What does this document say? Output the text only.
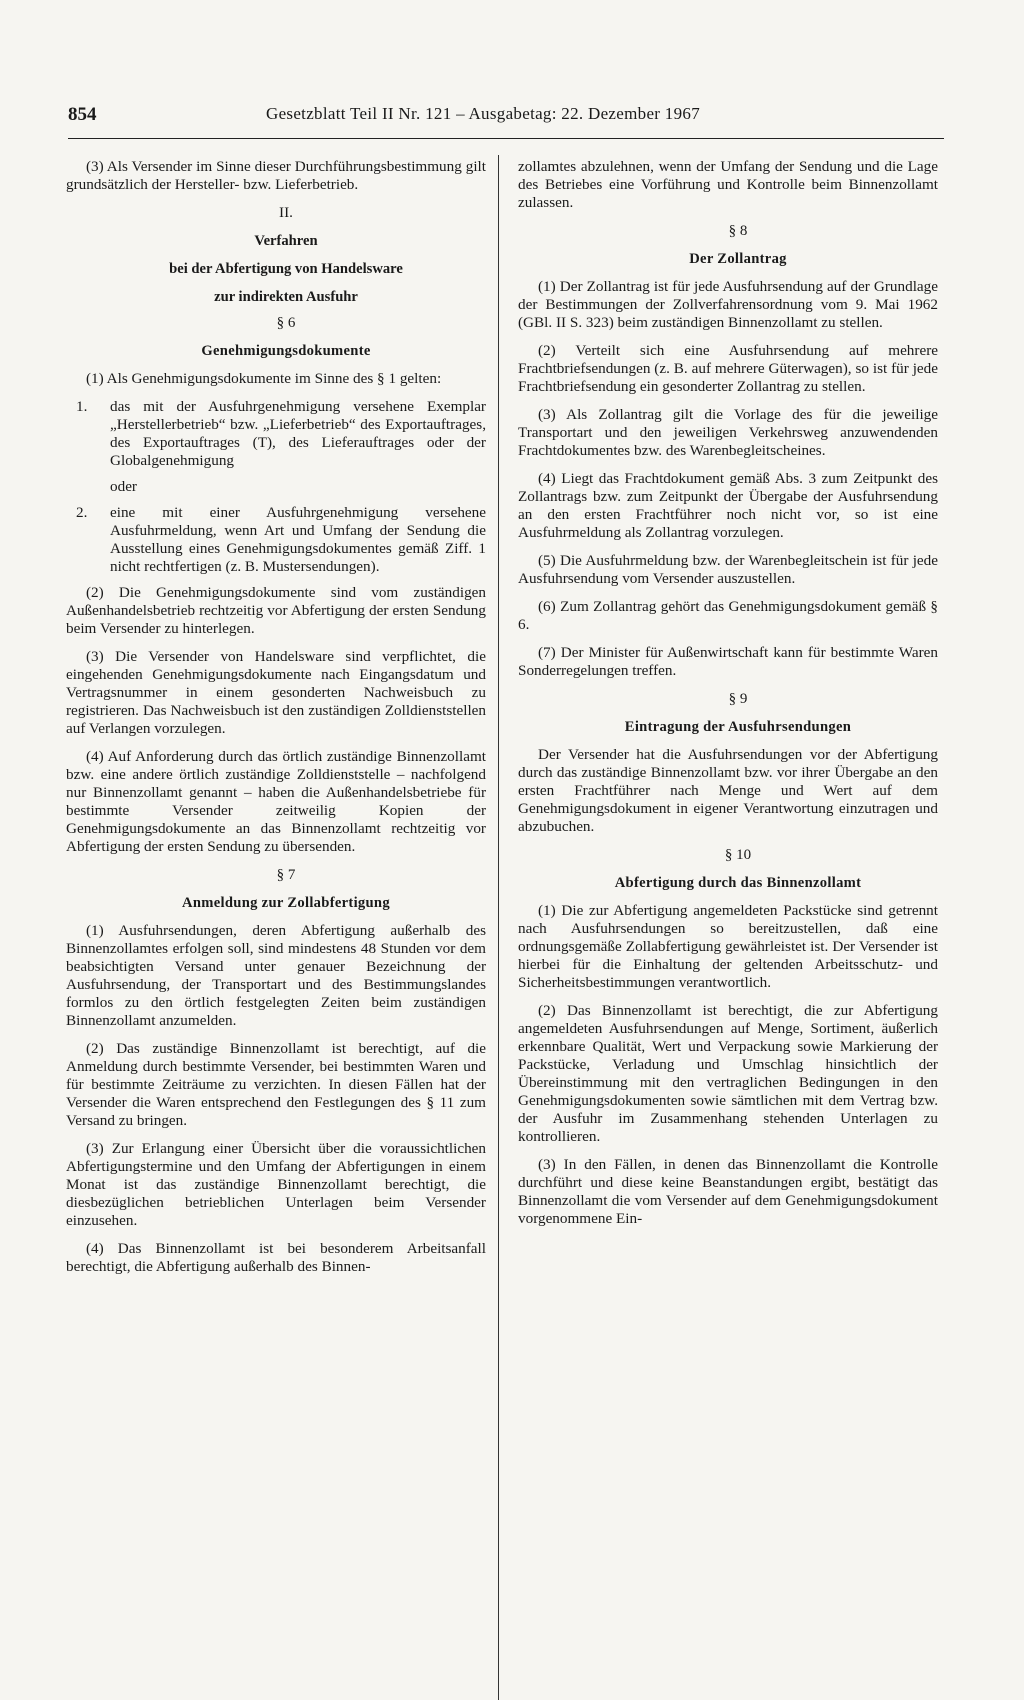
854	Gesetzblatt Teil II Nr. 121 – Ausgabetag: 22. Dezember 1967

(3) Als Versender im Sinne dieser Durchführungsbestimmung gilt grundsätzlich der Hersteller- bzw. Lieferbetrieb.

II.

Verfahren

bei der Abfertigung von Handelsware

zur indirekten Ausfuhr

§ 6

Genehmigungsdokumente

(1) Als Genehmigungsdokumente im Sinne des § 1 gelten:

1.	das mit der Ausfuhrgenehmigung versehene Exemplar „Herstellerbetrieb“ bzw. „Lieferbetrieb“ des Exportauftrages, des Exportauftrages (T), des Lieferauftrages oder der Globalgenehmigung
oder
2.	eine mit einer Ausfuhrgenehmigung versehene Ausfuhrmeldung, wenn Art und Umfang der Sendung die Ausstellung eines Genehmigungsdokumentes gemäß Ziff. 1 nicht rechtfertigen (z. B. Mustersendungen).

(2) Die Genehmigungsdokumente sind vom zuständigen Außenhandelsbetrieb rechtzeitig vor Abfertigung der ersten Sendung beim Versender zu hinterlegen.

(3) Die Versender von Handelsware sind verpflichtet, die eingehenden Genehmigungsdokumente nach Eingangsdatum und Vertragsnummer in einem gesonderten Nachweisbuch zu registrieren. Das Nachweisbuch ist den zuständigen Zolldienststellen auf Verlangen vorzulegen.

(4) Auf Anforderung durch das örtlich zuständige Binnenzollamt bzw. eine andere örtlich zuständige Zolldienststelle – nachfolgend nur Binnenzollamt genannt – haben die Außenhandelsbetriebe für bestimmte Versender zeitweilig Kopien der Genehmigungsdokumente an das Binnenzollamt rechtzeitig vor Abfertigung der ersten Sendung zu übersenden.

§ 7

Anmeldung zur Zollabfertigung

(1) Ausfuhrsendungen, deren Abfertigung außerhalb des Binnenzollamtes erfolgen soll, sind mindestens 48 Stunden vor dem beabsichtigten Versand unter genauer Bezeichnung der Ausfuhrsendung, der Transportart und des Bestimmungslandes formlos zu den örtlich festgelegten Zeiten beim zuständigen Binnenzollamt anzumelden.

(2) Das zuständige Binnenzollamt ist berechtigt, auf die Anmeldung durch bestimmte Versender, bei bestimmten Waren und für bestimmte Zeiträume zu verzichten. In diesen Fällen hat der Versender die Waren entsprechend den Festlegungen des § 11 zum Versand zu bringen.

(3) Zur Erlangung einer Übersicht über die voraussichtlichen Abfertigungstermine und den Umfang der Abfertigungen in einem Monat ist das zuständige Binnenzollamt berechtigt, die diesbezüglichen betrieblichen Unterlagen beim Versender einzusehen.

(4) Das Binnenzollamt ist bei besonderem Arbeitsanfall berechtigt, die Abfertigung außerhalb des Binnen-

zollamtes abzulehnen, wenn der Umfang der Sendung und die Lage des Betriebes eine Vorführung und Kontrolle beim Binnenzollamt zulassen.

§ 8

Der Zollantrag

(1) Der Zollantrag ist für jede Ausfuhrsendung auf der Grundlage der Bestimmungen der Zollverfahrensordnung vom 9. Mai 1962 (GBl. II S. 323) beim zuständigen Binnenzollamt zu stellen.

(2) Verteilt sich eine Ausfuhrsendung auf mehrere Frachtbriefsendungen (z. B. auf mehrere Güterwagen), so ist für jede Frachtbriefsendung ein gesonderter Zollantrag zu stellen.

(3) Als Zollantrag gilt die Vorlage des für die jeweilige Transportart und den jeweiligen Verkehrsweg anzuwendenden Frachtdokumentes bzw. des Warenbegleitscheines.

(4) Liegt das Frachtdokument gemäß Abs. 3 zum Zeitpunkt des Zollantrags bzw. zum Zeitpunkt der Übergabe der Ausfuhrsendung an den ersten Frachtführer noch nicht vor, so ist eine Ausfuhrmeldung als Zollantrag vorzulegen.

(5) Die Ausfuhrmeldung bzw. der Warenbegleitschein ist für jede Ausfuhrsendung vom Versender auszustellen.

(6) Zum Zollantrag gehört das Genehmigungsdokument gemäß § 6.

(7) Der Minister für Außenwirtschaft kann für bestimmte Waren Sonderregelungen treffen.

§ 9

Eintragung der Ausfuhrsendungen

Der Versender hat die Ausfuhrsendungen vor der Abfertigung durch das zuständige Binnenzollamt bzw. vor ihrer Übergabe an den ersten Frachtführer nach Menge und Wert auf dem Genehmigungsdokument in eigener Verantwortung einzutragen und abzubuchen.

§ 10

Abfertigung durch das Binnenzollamt

(1) Die zur Abfertigung angemeldeten Packstücke sind getrennt nach Ausfuhrsendungen so bereitzustellen, daß eine ordnungsgemäße Zollabfertigung gewährleistet ist. Der Versender ist hierbei für die Einhaltung der geltenden Arbeitsschutz- und Sicherheitsbestimmungen verantwortlich.

(2) Das Binnenzollamt ist berechtigt, die zur Abfertigung angemeldeten Ausfuhrsendungen auf Menge, Sortiment, äußerlich erkennbare Qualität, Wert und Verpackung sowie Markierung der Packstücke, Verladung und Umschlag hinsichtlich der Übereinstimmung mit den vertraglichen Bedingungen in den Genehmigungsdokumenten sowie sämtlichen mit dem Vertrag bzw. der Ausfuhr im Zusammenhang stehenden Unterlagen zu kontrollieren.

(3) In den Fällen, in denen das Binnenzollamt die Kontrolle durchführt und diese keine Beanstandungen ergibt, bestätigt das Binnenzollamt die vom Versender auf dem Genehmigungsdokument vorgenommene Ein-
